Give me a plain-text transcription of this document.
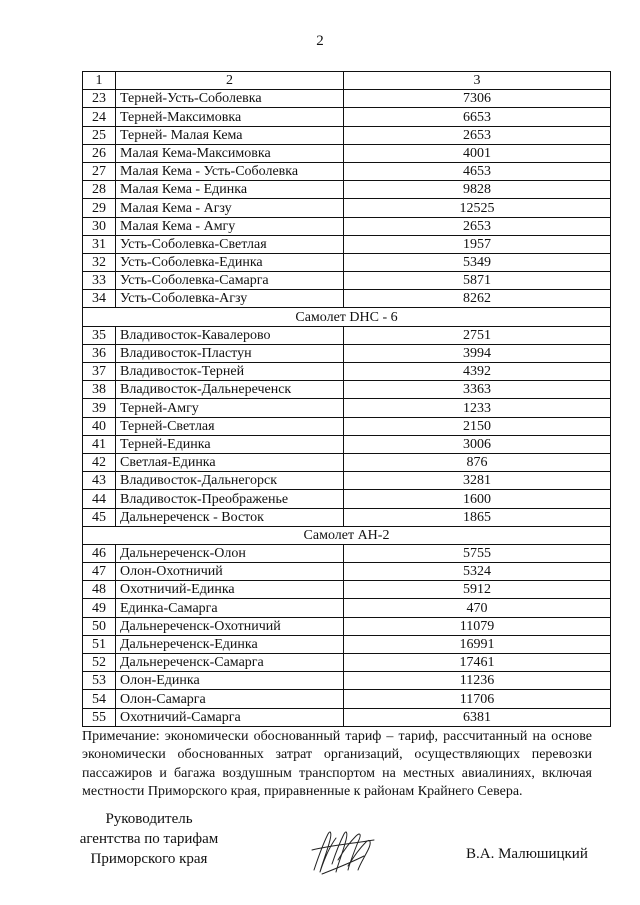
2
1	2	3
23	Терней-Усть-Соболевка	7306
24	Терней-Максимовка	6653
25	Терней- Малая Кема	2653
26	Малая Кема-Максимовка	4001
27	Малая Кема - Усть-Соболевка	4653
28	Малая Кема - Единка	9828
29	Малая Кема - Агзу	12525
30	Малая Кема - Амгу	2653
31	Усть-Соболевка-Светлая	1957
32	Усть-Соболевка-Единка	5349
33	Усть-Соболевка-Самарга	5871
34	Усть-Соболевка-Агзу	8262
Самолет DHC - 6		
35	Владивосток-Кавалерово	2751
36	Владивосток-Пластун	3994
37	Владивосток-Терней	4392
38	Владивосток-Дальнереченск	3363
39	Терней-Амгу	1233
40	Терней-Светлая	2150
41	Терней-Единка	3006
42	Светлая-Единка	876
43	Владивосток-Дальнегорск	3281
44	Владивосток-Преображенье	1600
45	Дальнереченск - Восток	1865
Самолет АН-2		
46	Дальнереченск-Олон	5755
47	Олон-Охотничий	5324
48	Охотничий-Единка	5912
49	Единка-Самарга	470
50	Дальнереченск-Охотничий	11079
51	Дальнереченск-Единка	16991
52	Дальнереченск-Самарга	17461
53	Олон-Единка	11236
54	Олон-Самарга	11706
55	Охотничий-Самарга	6381
Примечание: экономически обоснованный тариф – тариф, рассчитанный на основе экономически обоснованных затрат организаций, осуществляющих перевозки пассажиров и багажа воздушным транспортом на местных авиалиниях, включая местности Приморского края, приравненные к районам Крайнего Севера.
Руководитель
агентства по тарифам
Приморского края	В.А. Малюшицкий
